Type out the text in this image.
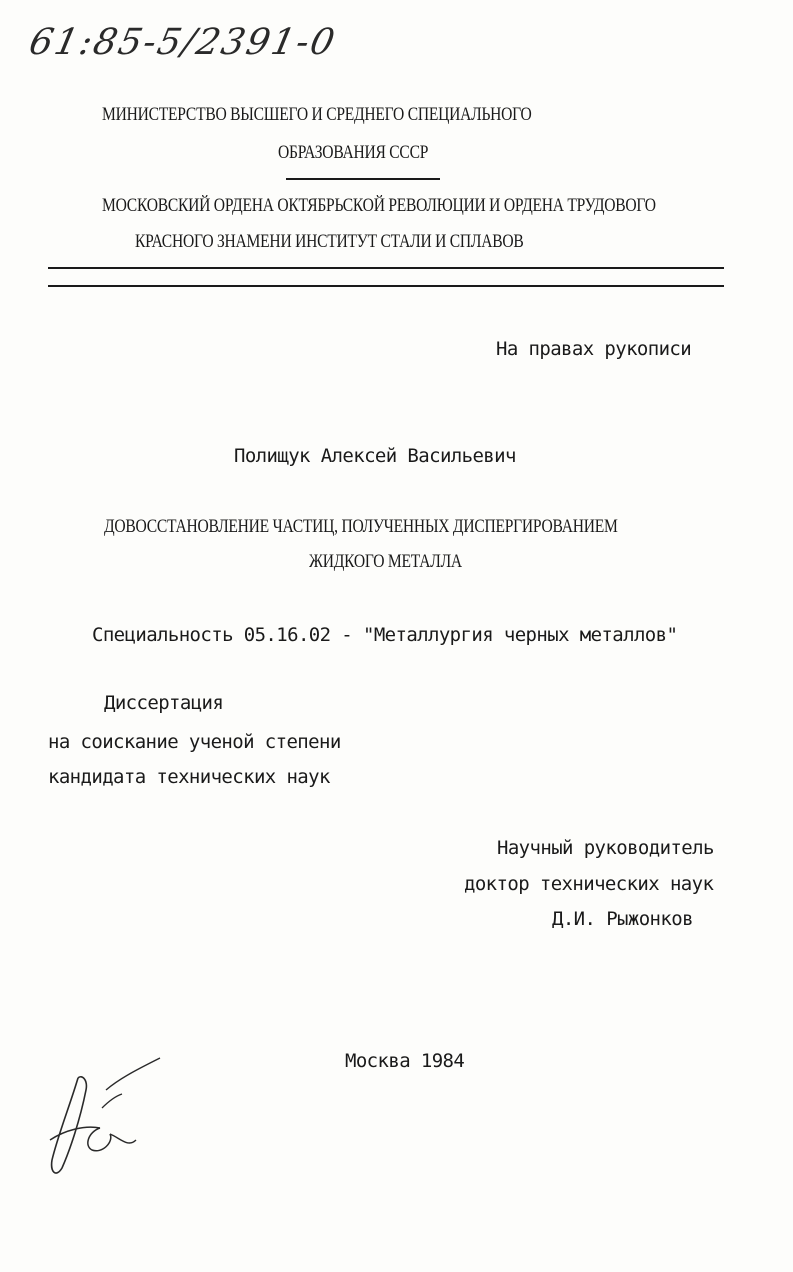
61:85-5/2391-0
МИНИСТЕРСТВО ВЫСШЕГО И СРЕДНЕГО СПЕЦИАЛЬНОГО
ОБРАЗОВАНИЯ СССР
МОСКОВСКИЙ ОРДЕНА ОКТЯБРЬСКОЙ РЕВОЛЮЦИИ И ОРДЕНА ТРУДОВОГО
КРАСНОГО ЗНАМЕНИ ИНСТИТУТ СТАЛИ И СПЛАВОВ
На правах рукописи
Полищук Алексей Васильевич
ДОВОССТАНОВЛЕНИЕ ЧАСТИЦ, ПОЛУЧЕННЫХ ДИСПЕРГИРОВАНИЕМ
ЖИДКОГО МЕТАЛЛА
Специальность 05.16.02 - "Металлургия черных металлов"
Диссертация
на соискание ученой степени
кандидата технических наук
Научный руководитель
доктор технических наук
Д.И. Рыжонков
Москва 1984
